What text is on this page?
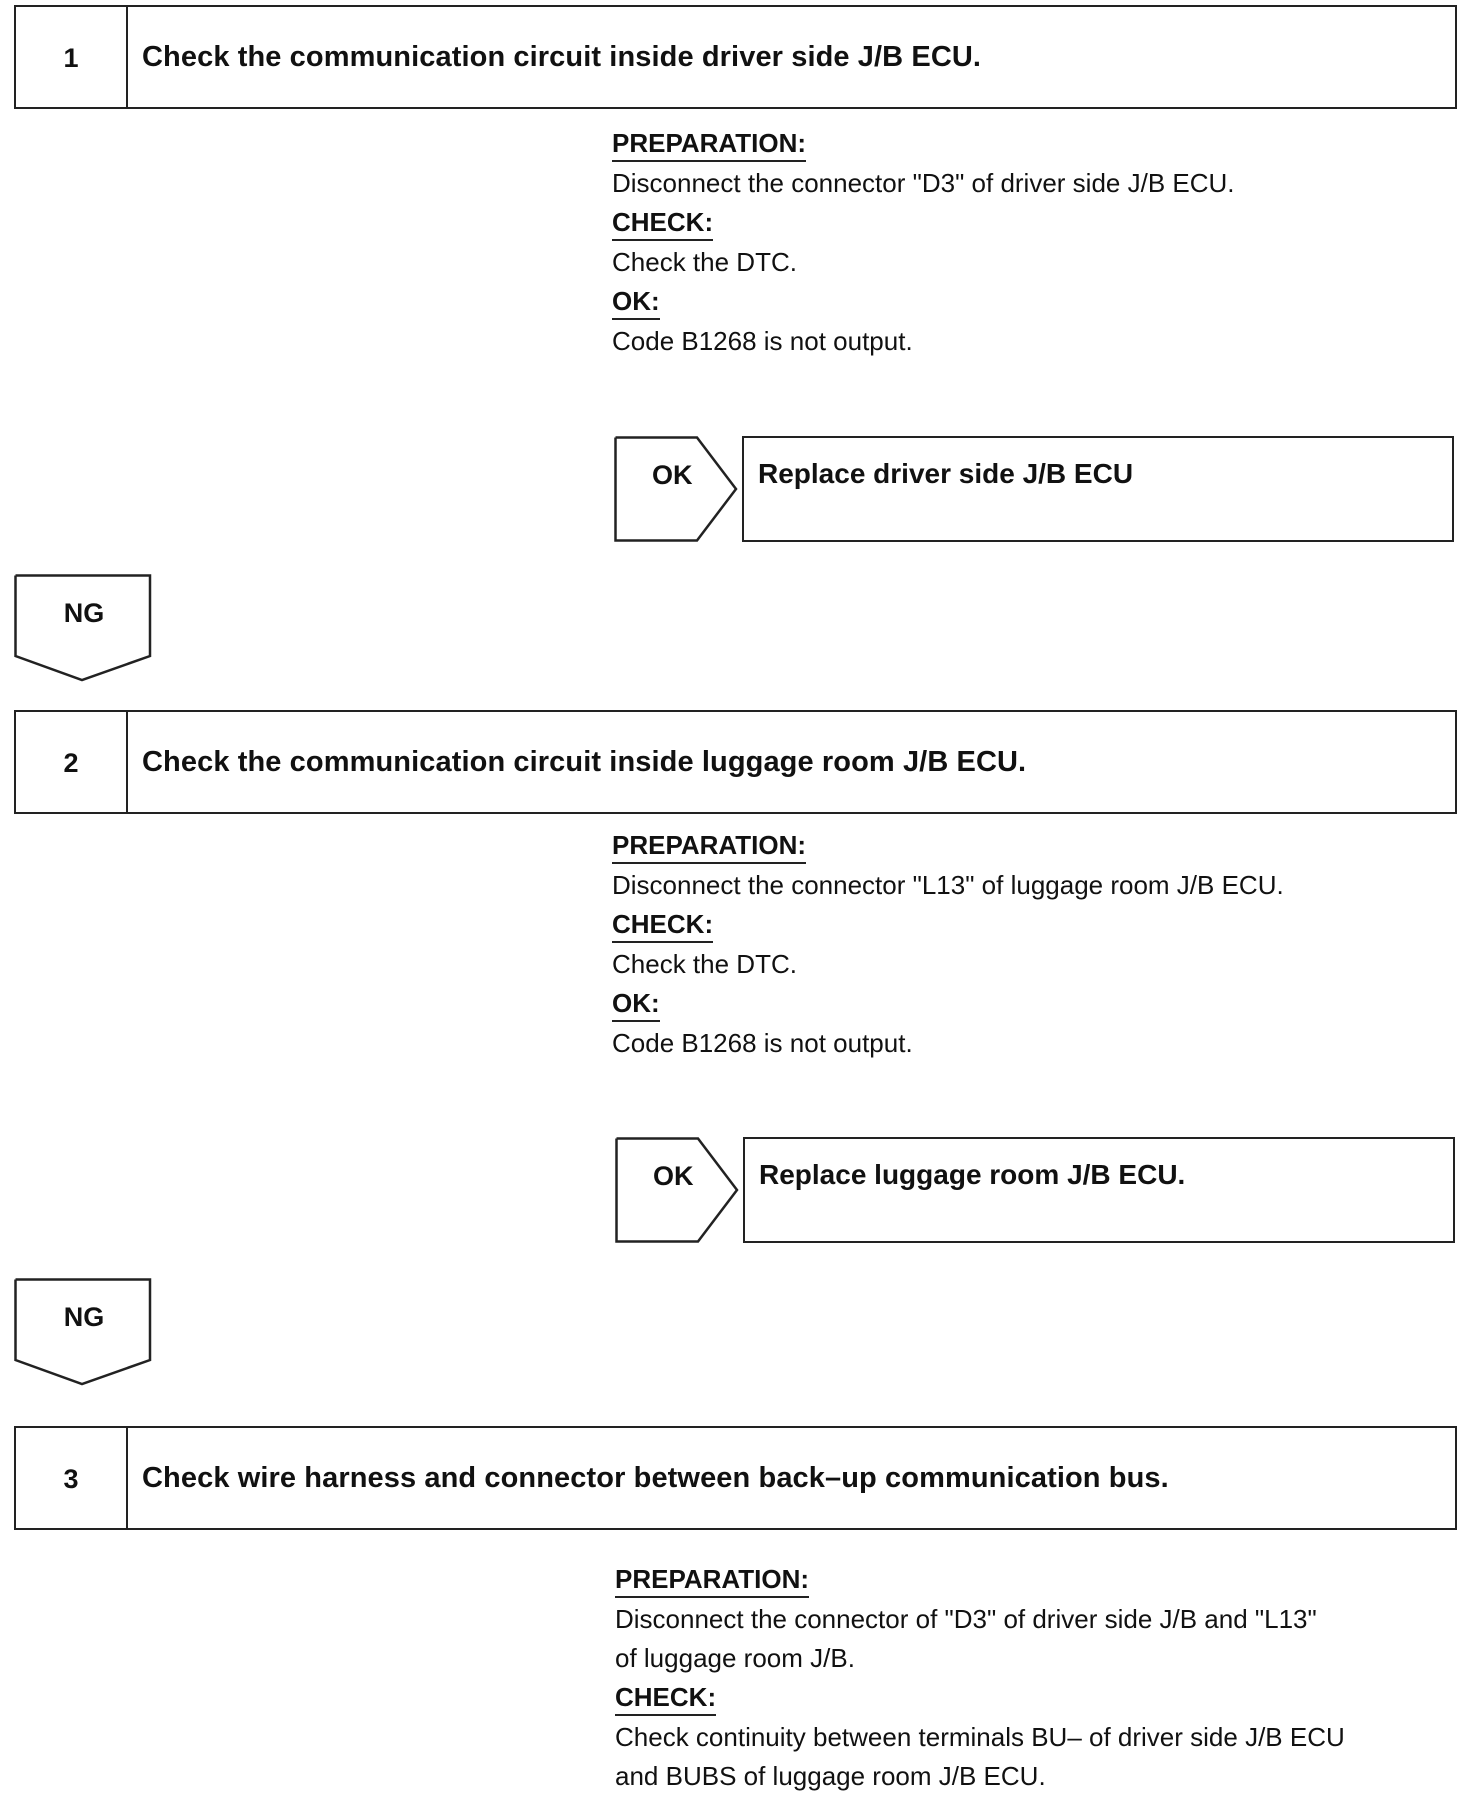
1	Check the communication circuit inside driver side J/B ECU.
PREPARATION:
Disconnect the connector "D3" of driver side J/B ECU.
CHECK:
Check the DTC.
OK:
Code B1268 is not output.
OK	Replace driver side J/B ECU
NG
2	Check the communication circuit inside luggage room J/B ECU.
PREPARATION:
Disconnect the connector "L13" of luggage room J/B ECU.
CHECK:
Check the DTC.
OK:
Code B1268 is not output.
OK	Replace luggage room J/B ECU.
NG
3	Check wire harness and connector between back–up communication bus.
PREPARATION:
Disconnect the connector of "D3" of driver side J/B and "L13"
of luggage room J/B.
CHECK:
Check continuity between terminals BU– of driver side J/B ECU
and BUBS of luggage room J/B ECU.
